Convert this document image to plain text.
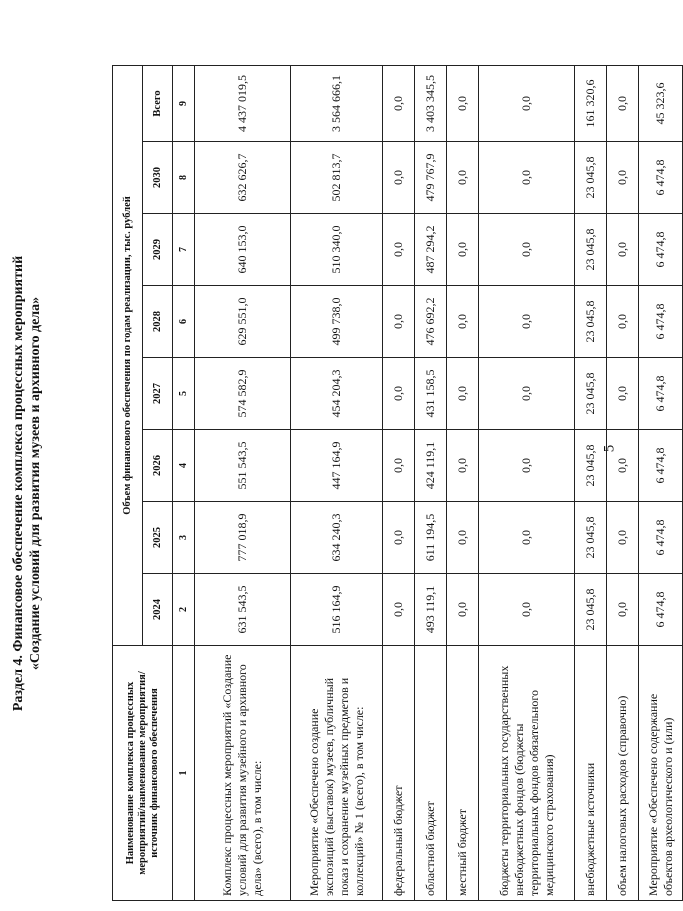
5
Раздел 4. Финансовое обеспечение комплекса процессных мероприятий «Создание условий для развития музеев и архивного дела»
Наименование комплекса процессных мероприятий/наименование мероприятия/источник финансового обеспечения	Объем финансового обеспечения по годам реализации, тыс. рублей							
	2024	2025	2026	2027	2028	2029	2030	Всего
1	2	3	4	5	6	7	8	9
Комплекс процессных мероприятий «Создание условий для развития музейного и архивного дела» (всего), в том числе:	631 543,5	777 018,9	551 543,5	574 582,9	629 551,0	640 153,0	632 626,7	4 437 019,5
Мероприятие «Обеспечено создание экспозиций (выставок) музеев, публичный показ и сохранение музейных предметов и коллекций» № 1 (всего), в том числе:	516 164,9	634 240,3	447 164,9	454 204,3	499 738,0	510 340,0	502 813,7	3 564 666,1
федеральный бюджет	0,0	0,0	0,0	0,0	0,0	0,0	0,0	0,0
областной бюджет	493 119,1	611 194,5	424 119,1	431 158,5	476 692,2	487 294,2	479 767,9	3 403 345,5
местный бюджет	0,0	0,0	0,0	0,0	0,0	0,0	0,0	0,0
бюджеты территориальных государственных внебюджетных фондов (бюджеты территориальных фондов обязательного медицинского страхования)	0,0	0,0	0,0	0,0	0,0	0,0	0,0	0,0
внебюджетные источники	23 045,8	23 045,8	23 045,8	23 045,8	23 045,8	23 045,8	23 045,8	161 320,6
объем налоговых расходов (справочно)	0,0	0,0	0,0	0,0	0,0	0,0	0,0	0,0
Мероприятие «Обеспечено содержание объектов археологического и (или)	6 474,8	6 474,8	6 474,8	6 474,8	6 474,8	6 474,8	6 474,8	45 323,6
